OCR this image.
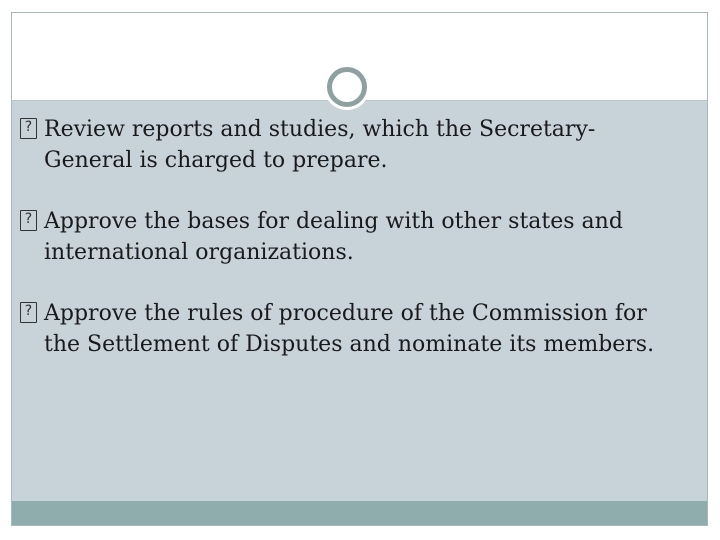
? Review reports and studies, which the Secretary-General is charged to prepare.
? Approve the bases for dealing with other states and international organizations.
? Approve the rules of procedure of the Commission for the Settlement of Disputes and nominate its members.
